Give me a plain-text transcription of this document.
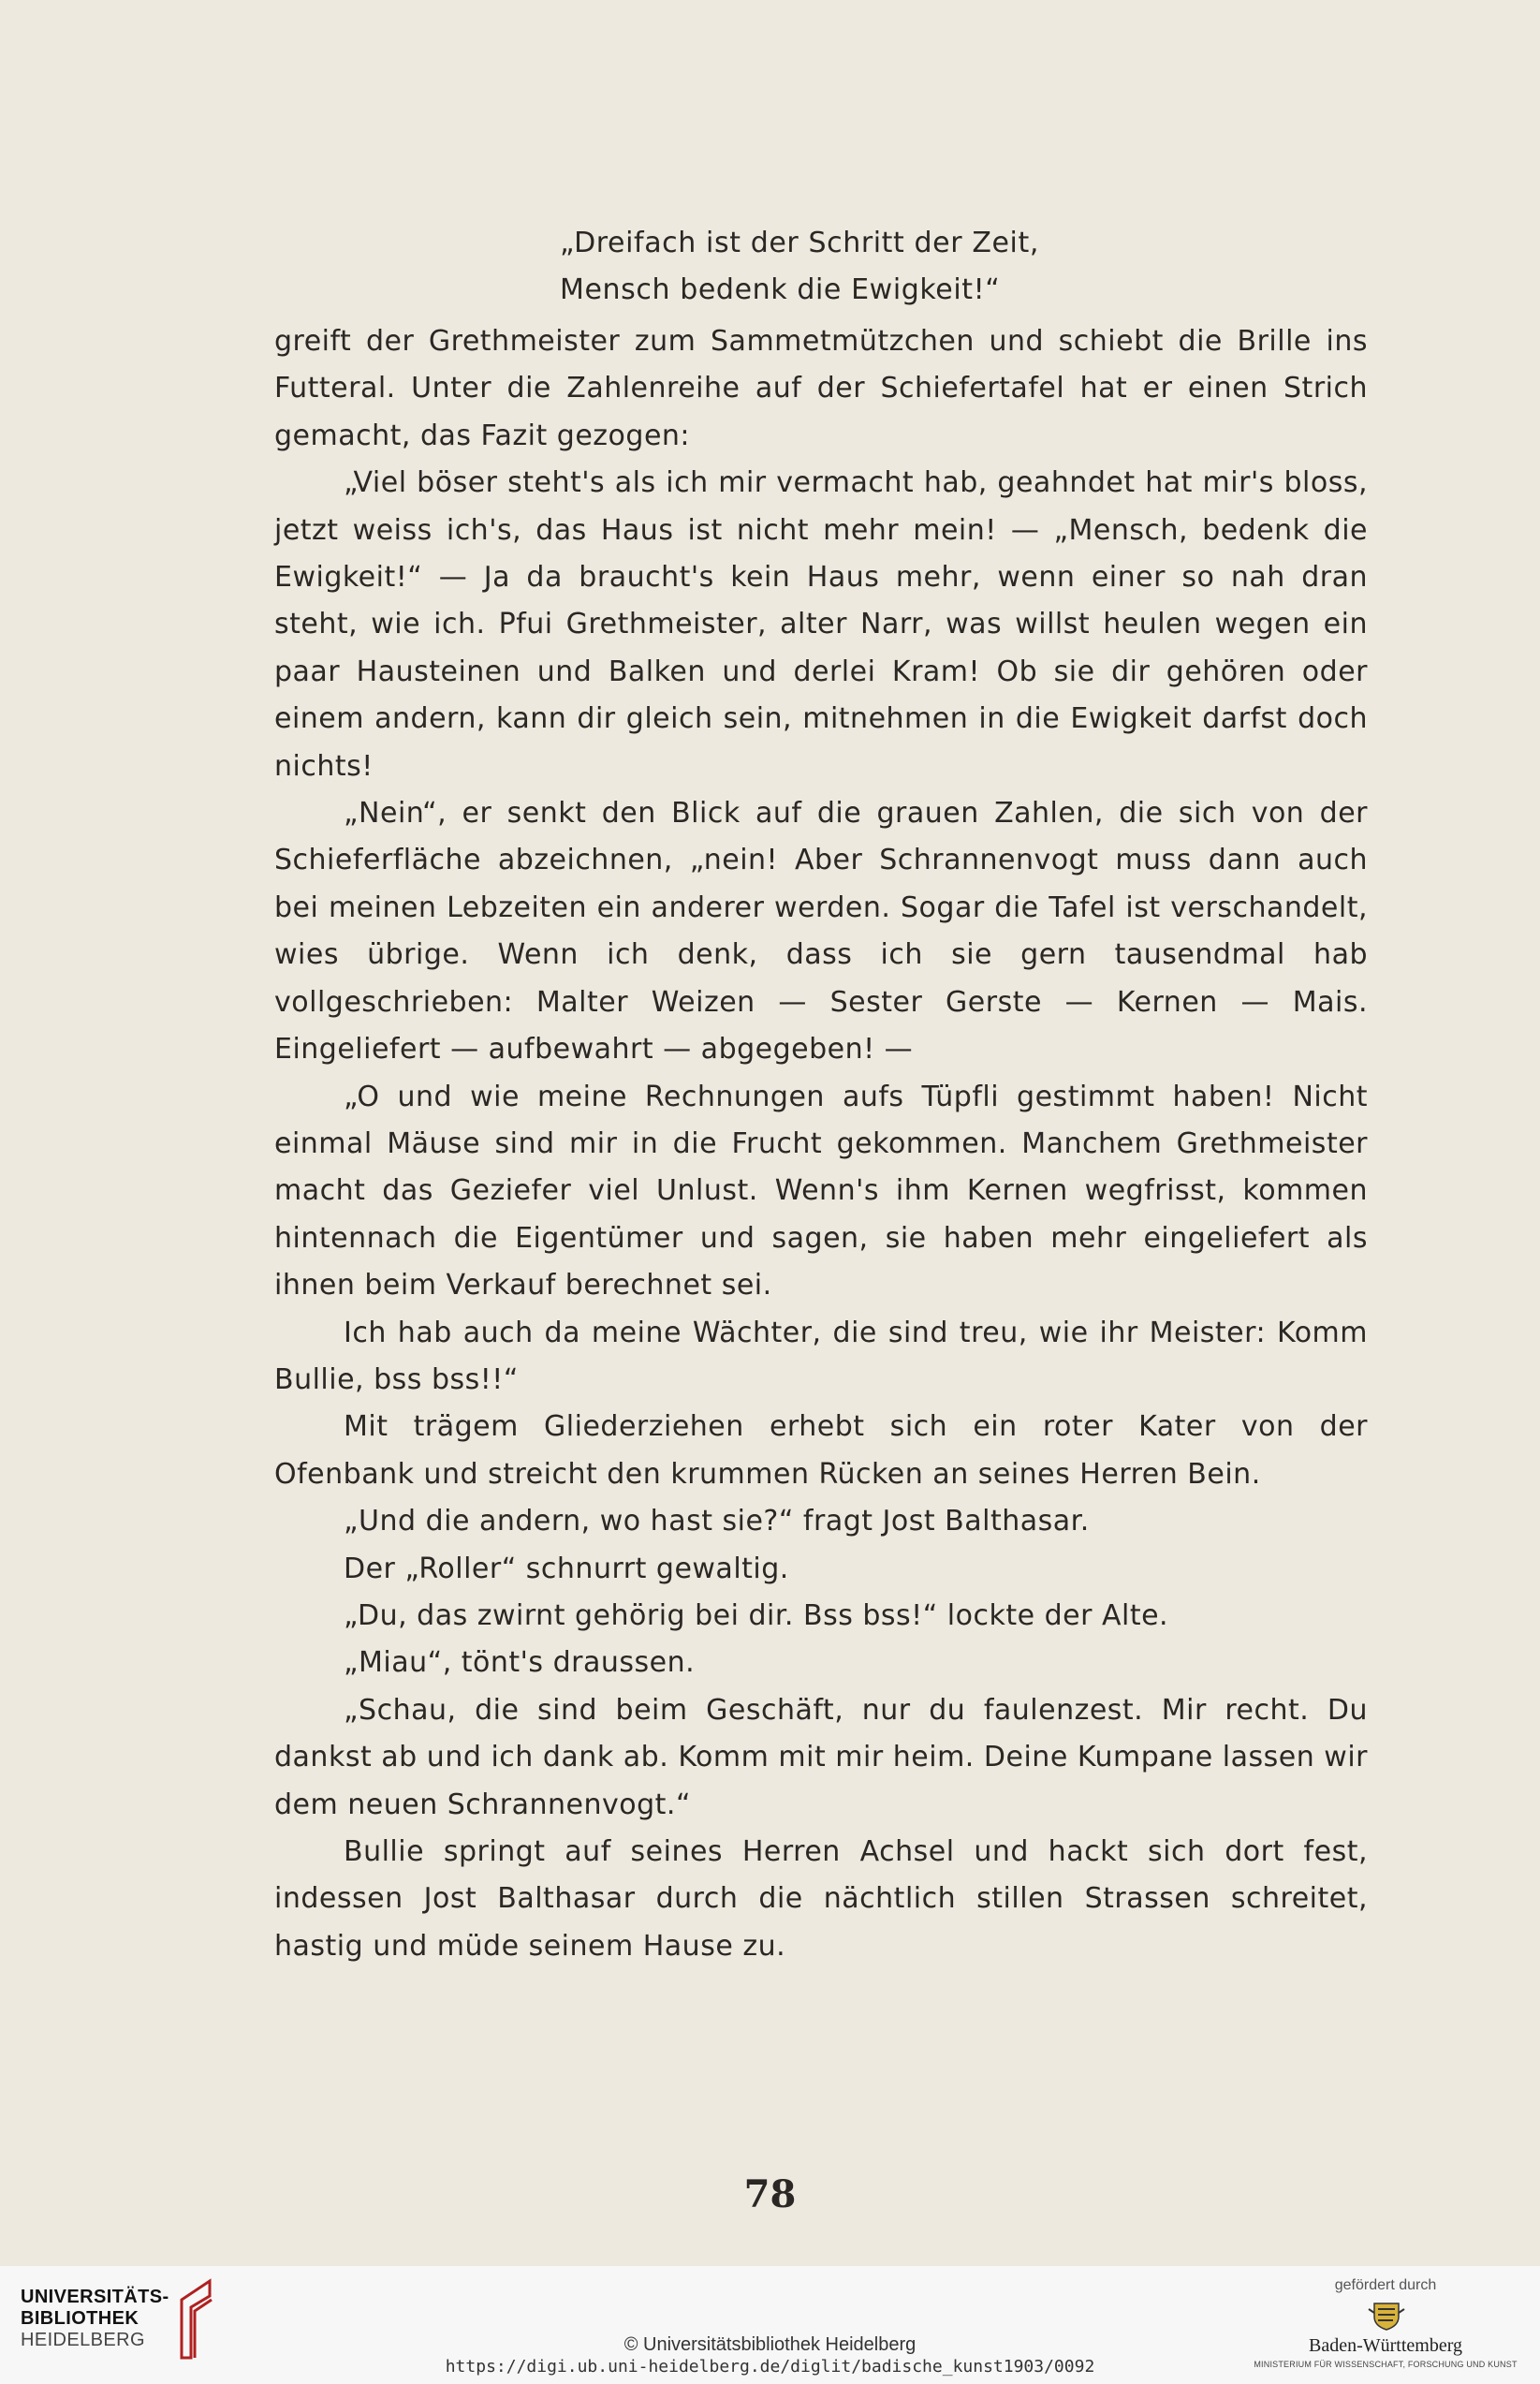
„Dreifach ist der Schritt der Zeit,
Mensch bedenk die Ewigkeit!“

greift der Grethmeister zum Sammetmützchen und schiebt die Brille ins Futteral. Unter die Zahlenreihe auf der Schiefertafel hat er einen Strich gemacht, das Fazit gezogen:

„Viel böser steht's als ich mir vermacht hab, geahndet hat mir's bloss, jetzt weiss ich's, das Haus ist nicht mehr mein! — „Mensch, bedenk die Ewigkeit!“ — Ja da braucht's kein Haus mehr, wenn einer so nah dran steht, wie ich. Pfui Grethmeister, alter Narr, was willst heulen wegen ein paar Hausteinen und Balken und derlei Kram! Ob sie dir gehören oder einem andern, kann dir gleich sein, mitnehmen in die Ewigkeit darfst doch nichts!

„Nein“, er senkt den Blick auf die grauen Zahlen, die sich von der Schieferfläche abzeichnen, „nein! Aber Schrannenvogt muss dann auch bei meinen Lebzeiten ein anderer werden. Sogar die Tafel ist verschandelt, wies übrige. Wenn ich denk, dass ich sie gern tausendmal hab vollgeschrieben: Malter Weizen — Sester Gerste — Kernen — Mais. Eingeliefert — aufbewahrt — abgegeben! —

„O und wie meine Rechnungen aufs Tüpfli gestimmt haben! Nicht einmal Mäuse sind mir in die Frucht gekommen. Manchem Grethmeister macht das Geziefer viel Unlust. Wenn's ihm Kernen wegfrisst, kommen hintennach die Eigentümer und sagen, sie haben mehr eingeliefert als ihnen beim Verkauf berechnet sei.

Ich hab auch da meine Wächter, die sind treu, wie ihr Meister: Komm Bullie, bss bss!!“

Mit trägem Gliederziehen erhebt sich ein roter Kater von der Ofenbank und streicht den krummen Rücken an seines Herren Bein.

„Und die andern, wo hast sie?“ fragt Jost Balthasar.

Der „Roller“ schnurrt gewaltig.

„Du, das zwirnt gehörig bei dir. Bss bss!“ lockte der Alte.

„Miau“, tönt's draussen.

„Schau, die sind beim Geschäft, nur du faulenzest. Mir recht. Du dankst ab und ich dank ab. Komm mit mir heim. Deine Kumpane lassen wir dem neuen Schrannenvogt.“

Bullie springt auf seines Herren Achsel und hackt sich dort fest, indessen Jost Balthasar durch die nächtlich stillen Strassen schreitet, hastig und müde seinem Hause zu.

78
UNIVERSITÄTS-
BIBLIOTHEK
HEIDELBERG	© Universitätsbibliothek Heidelberg
https://digi.ub.uni-heidelberg.de/diglit/badische_kunst1903/0092
gefördert durch
Baden-Württemberg
MINISTERIUM FÜR WISSENSCHAFT, FORSCHUNG UND KUNST
